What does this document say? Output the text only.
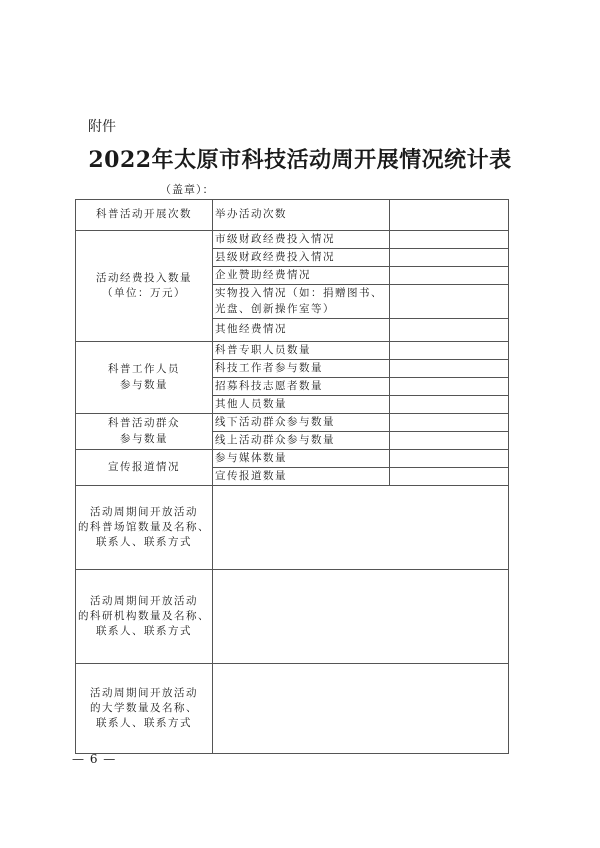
附件
2022年太原市科技活动周开展情况统计表
（盖章）：
科普活动开展次数	举办活动次数	

活动经费投入数量
（单位：万元）	市级财政经费投入情况	
	县级财政经费投入情况	
	企业赞助经费情况	
	实物投入情况（如：捐赠图书、光盘、创新操作室等）	
	其他经费情况	

科普工作人员
参与数量	科普专职人员数量	
	科技工作者参与数量	
	招募科技志愿者数量	
	其他人员数量	

科普活动群众
参与数量	线下活动群众参与数量	
	线上活动群众参与数量	
宣传报道情况	参与媒体数量	
	宣传报道数量	

活动周期间开放活动
的科普场馆数量及名称、
联系人、联系方式		

活动周期间开放活动
的科研机构数量及名称、
联系人、联系方式		

活动周期间开放活动
的大学数量及名称、
联系人、联系方式		

— 6 —
